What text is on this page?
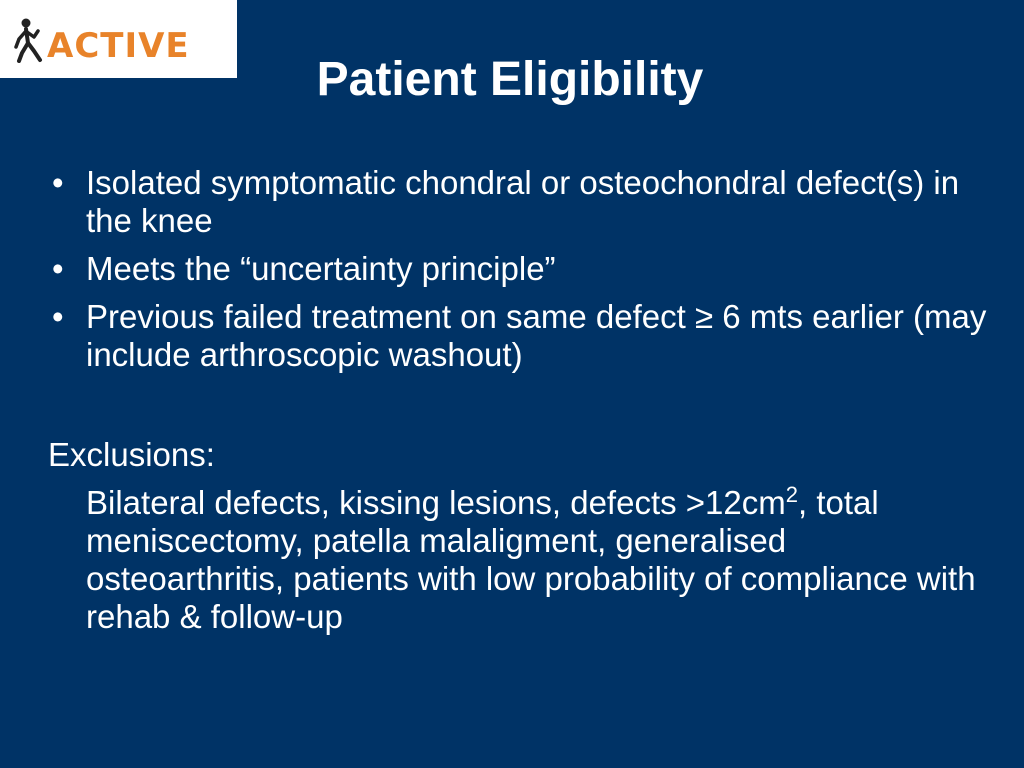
ACTIVE
Patient Eligibility
• Isolated symptomatic chondral or osteochondral defect(s) in the knee
• Meets the “uncertainty principle”
• Previous failed treatment on same defect ≥ 6 mts earlier (may include arthroscopic washout)
Exclusions:
Bilateral defects, kissing lesions, defects $>12cm^2$, total meniscectomy, patella malaligment, generalised osteoarthritis, patients with low probability of compliance with rehab & follow-up
